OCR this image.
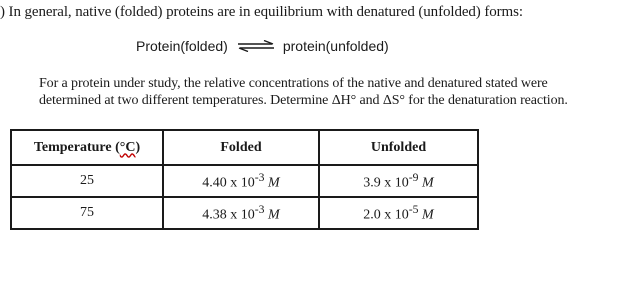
) In general, native (folded) proteins are in equilibrium with denatured (unfolded) forms:
Protein(folded) ⇌ protein(unfolded)
For a protein under study, the relative concentrations of the native and denatured stated were determined at two different temperatures. Determine ΔH° and ΔS° for the denaturation reaction.
Temperature (°C)	Folded	Unfolded
25	4.40 x $10^{-3}$ M	3.9 x $10^{-9}$ M
75	4.38 x $10^{-3}$ M	2.0 x $10^{-5}$ M
